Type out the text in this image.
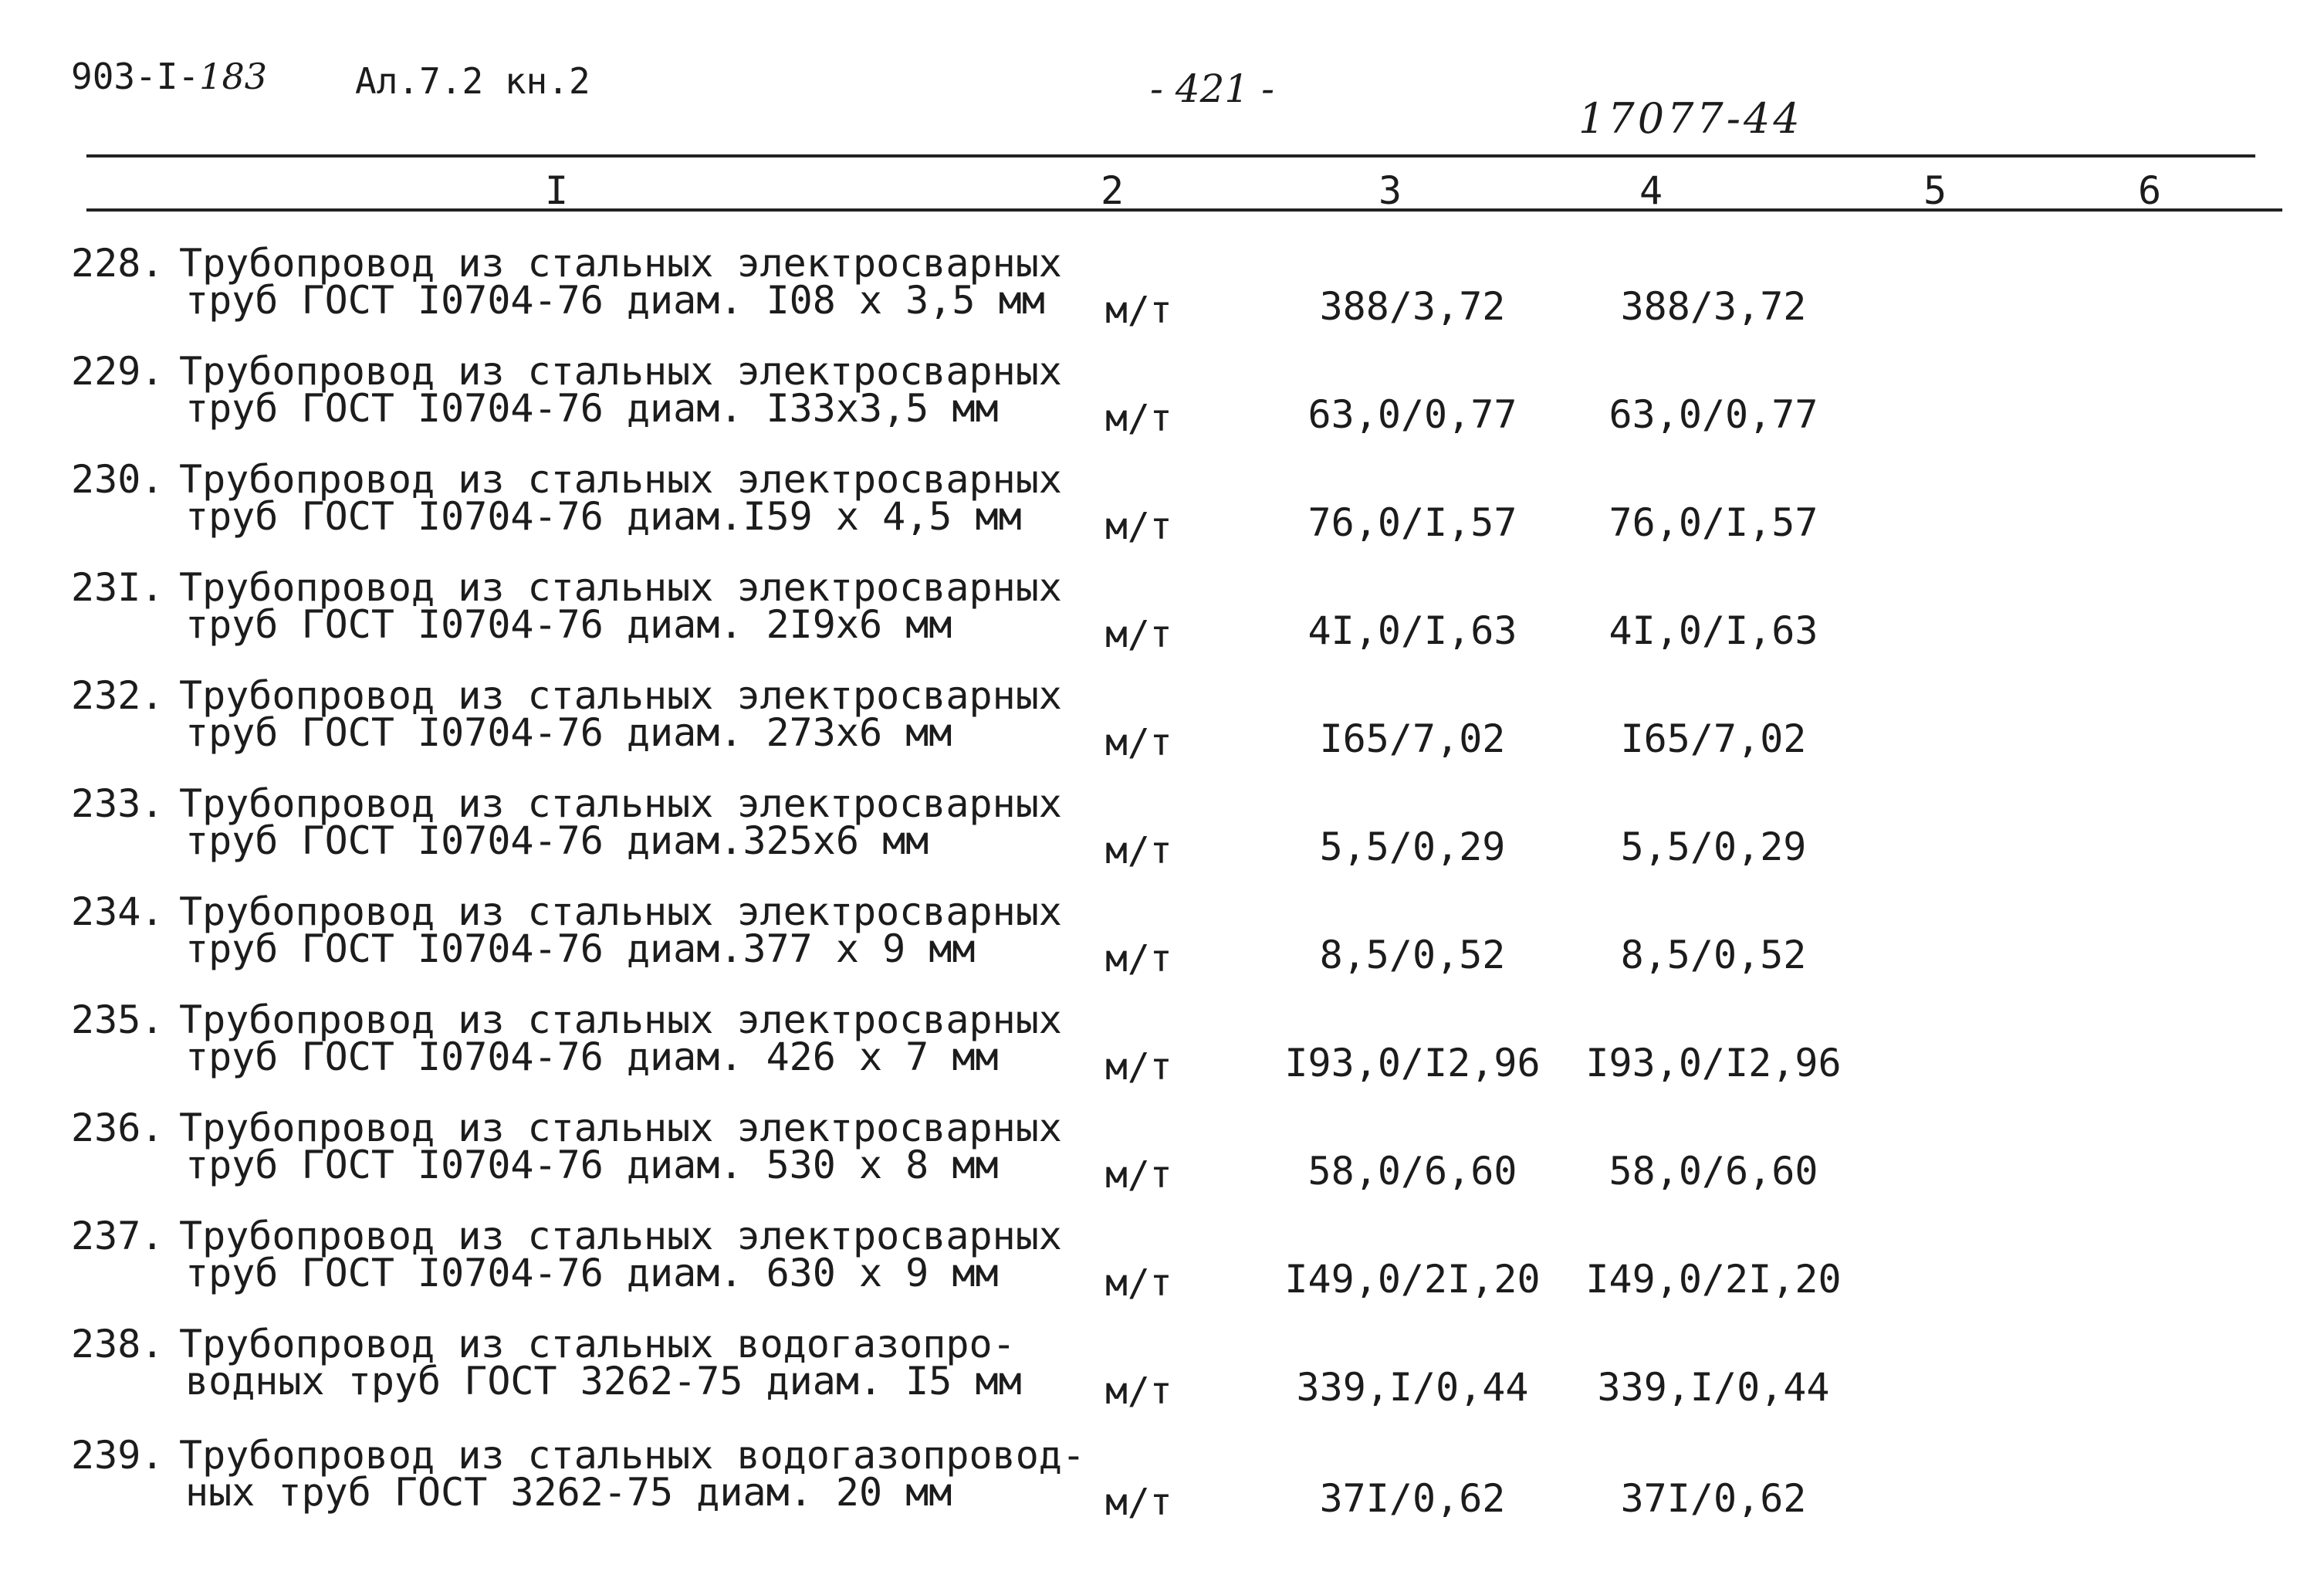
903-I-183 Ал.7.2 кн.2	- 421 -
17077-44
I	2	3	4	5	6
228. Трубопровод из стальных электросварных
труб ГОСТ I0704-76 диам. I08 x 3,5 мм м/т	388/3,72	388/3,72
229. Трубопровод из стальных электросварных
труб ГОСТ I0704-76 диам. I33x3,5 мм	м/т	63,0/0,77	63,0/0,77
230. Трубопровод из стальных электросварных
труб ГОСТ I0704-76 диам.I59 x 4,5 мм м/т	76,0/I,57	76,0/I,57
23I. Трубопровод из стальных электросварных
труб ГОСТ I0704-76 диам. 2I9x6 мм	м/т	4I,0/I,63	4I,0/I,63
232. Трубопровод из стальных электросварных
труб ГОСТ I0704-76 диам. 273x6 мм	м/т	I65/7,02	I65/7,02
233. Трубопровод из стальных электросварных
труб ГОСТ I0704-76 диам.325x6 мм	м/т	5,5/0,29	5,5/0,29
234. Трубопровод из стальных электросварных
труб ГОСТ I0704-76 диам.377 x 9 мм	м/т	8,5/0,52	8,5/0,52
235. Трубопровод из стальных электросварных
труб ГОСТ I0704-76 диам. 426 x 7 мм	м/т	I93,0/I2,96 I93,0/I2,96
236. Трубопровод из стальных электросварных
труб ГОСТ I0704-76 диам. 530 x 8 мм	м/т	58,0/6,60	58,0/6,60
237. Трубопровод из стальных электросварных
труб ГОСТ I0704-76 диам. 630 x 9 мм	м/т	I49,0/2I,20 I49,0/2I,20
238. Трубопровод из стальных водогазопро-
водных труб ГОСТ 3262-75 диам. I5 мм м/т	339,I/0,44	339,I/0,44
239. Трубопровод из стальных водогазопровод-
ных труб ГОСТ 3262-75 диам. 20 мм	м/т	37I/0,62	37I/0,62
